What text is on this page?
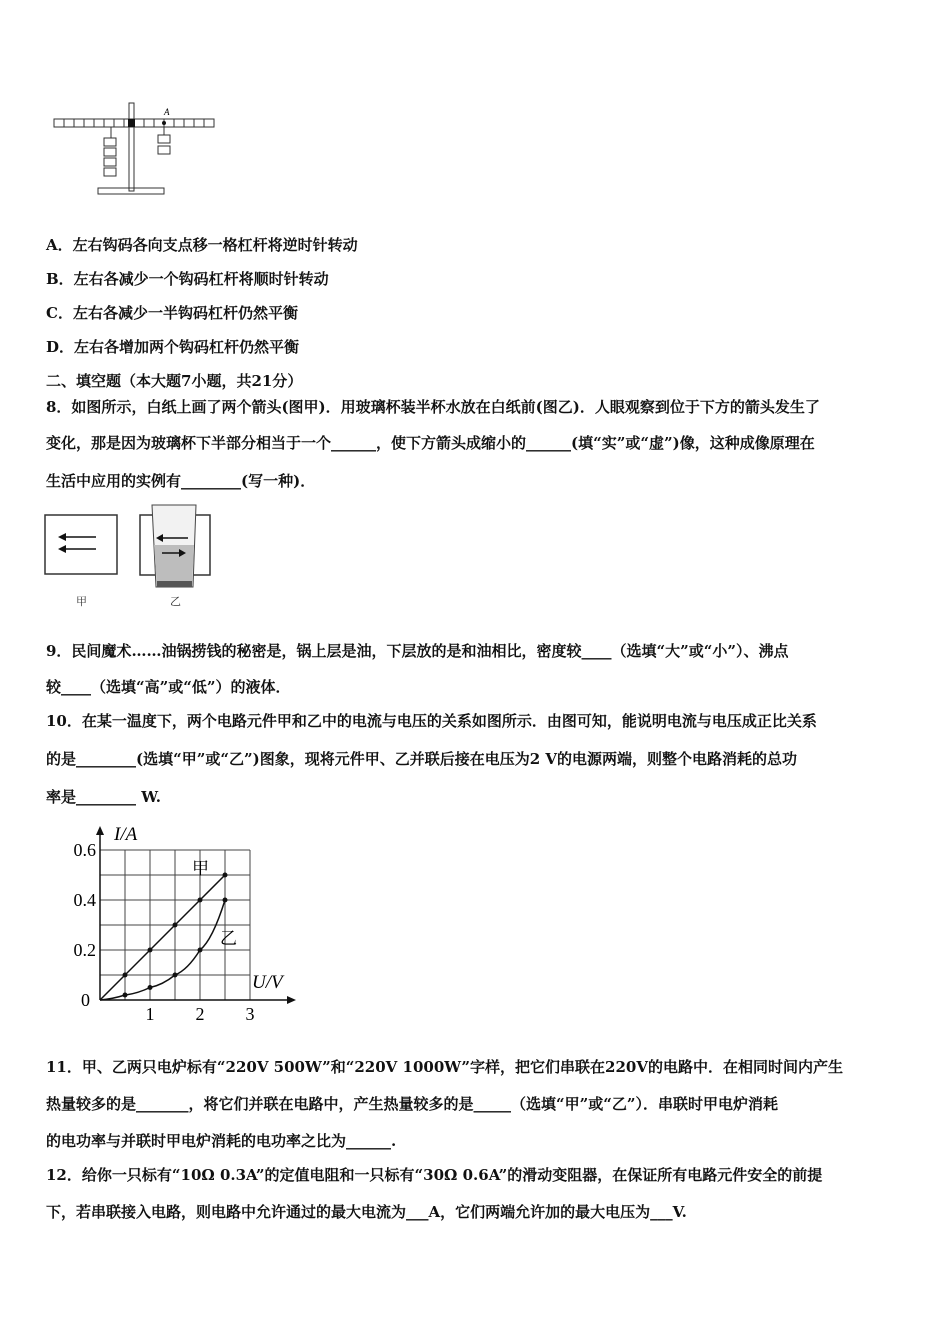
A
A．左右钩码各向支点移一格杠杆将逆时针转动
B．左右各减少一个钩码杠杆将顺时针转动
C．左右各减少一半钩码杠杆仍然平衡
D．左右各增加两个钩码杠杆仍然平衡
二、填空题（本大题7小题，共21分）
8．如图所示，白纸上画了两个箭头(图甲)．用玻璃杯装半杯水放在白纸前(图乙)．人眼观察到位于下方的箭头发生了
变化，那是因为玻璃杯下半部分相当于一个______，使下方箭头成缩小的______(填“实”或“虚”)像，这种成像原理在
生活中应用的实例有________(写一种)．
甲	乙
9．民间魔术……油锅捞钱的秘密是，锅上层是油，下层放的是和油相比，密度较____（选填“大”或“小”）、沸点
较____（选填“高”或“低”）的液体．
10．在某一温度下，两个电路元件甲和乙中的电流与电压的关系如图所示．由图可知，能说明电流与电压成正比关系
的是________(选填“甲”或“乙”)图象，现将元件甲、乙并联后接在电压为2 V的电源两端，则整个电路消耗的总功
率是________ W.
I/A
U/V
0.6
0.4
0.2
1 2 3
0
甲
乙
11．甲、乙两只电炉标有“220V 500W”和“220V 1000W”字样，把它们串联在220V的电路中．在相同时间内产生
热量较多的是_______，将它们并联在电路中，产生热量较多的是_____（选填“甲”或“乙”）．串联时甲电炉消耗
的电功率与并联时甲电炉消耗的电功率之比为______.
12．给你一只标有“10Ω 0.3A”的定值电阻和一只标有“30Ω 0.6A”的滑动变阻器，在保证所有电路元件安全的前提
下，若串联接入电路，则电路中允许通过的最大电流为___A，它们两端允许加的最大电压为___V.
